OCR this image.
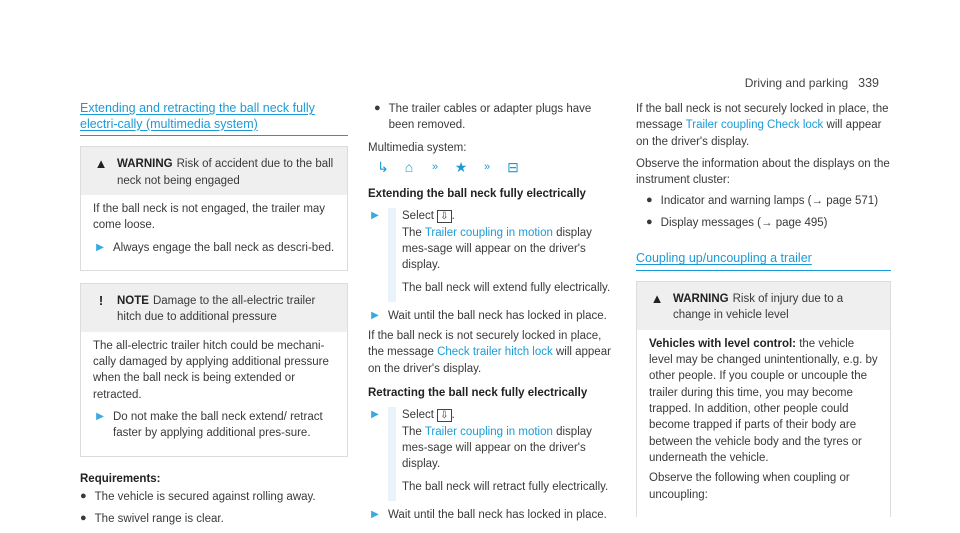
Driving and parking 339
Extending and retracting the ball neck fully electri-cally (multimedia system)
▲ WARNING Risk of accident due to the ball neck not being engaged

If the ball neck is not engaged, the trailer may come loose.

▶ Always engage the ball neck as descri-bed.
!	NOTE Damage to the all-electric trailer hitch due to additional pressure

The all-electric trailer hitch could be mechani-cally damaged by applying additional pressure when the ball neck is being extended or retracted.

▶ Do not make the ball neck extend/ retract faster by applying additional pres-sure.
Requirements:
● The vehicle is secured against rolling away.
● The swivel range is clear.
● The trailer cables or adapter plugs have been removed.

Multimedia system:

↳	⌂	»	★	»	⊟
Extending the ball neck fully electrically
▶ Select ⇩ .

The Trailer coupling in motion display mes-sage will appear on the driver's display.

The ball neck will extend fully electrically.

▶ Wait until the ball neck has locked in place.

If the ball neck is not securely locked in place, the message Check trailer hitch lock will appear on the driver's display.

Retracting the ball neck fully electrically
▶ Select ⇩ .

The Trailer coupling in motion display mes-sage will appear on the driver's display.

The ball neck will retract fully electrically.

▶ Wait until the ball neck has locked in place.

If the ball neck is not securely locked in place, the message Trailer coupling Check lock will appear on the driver's display.

Observe the information about the displays on the instrument cluster:

● Indicator and warning lamps (→ page 571)
● Display messages (→ page 495)
Coupling up/uncoupling a trailer
▲ WARNING Risk of injury due to a change in vehicle level

Vehicles with level control: the vehicle level may be changed unintentionally, e.g. by other people. If you couple or uncouple the trailer during this time, you may become trapped. In addition, other people could become trapped if parts of their body are between the vehicle body and the tyres or underneath the vehicle.

Observe the following when coupling or uncoupling:
